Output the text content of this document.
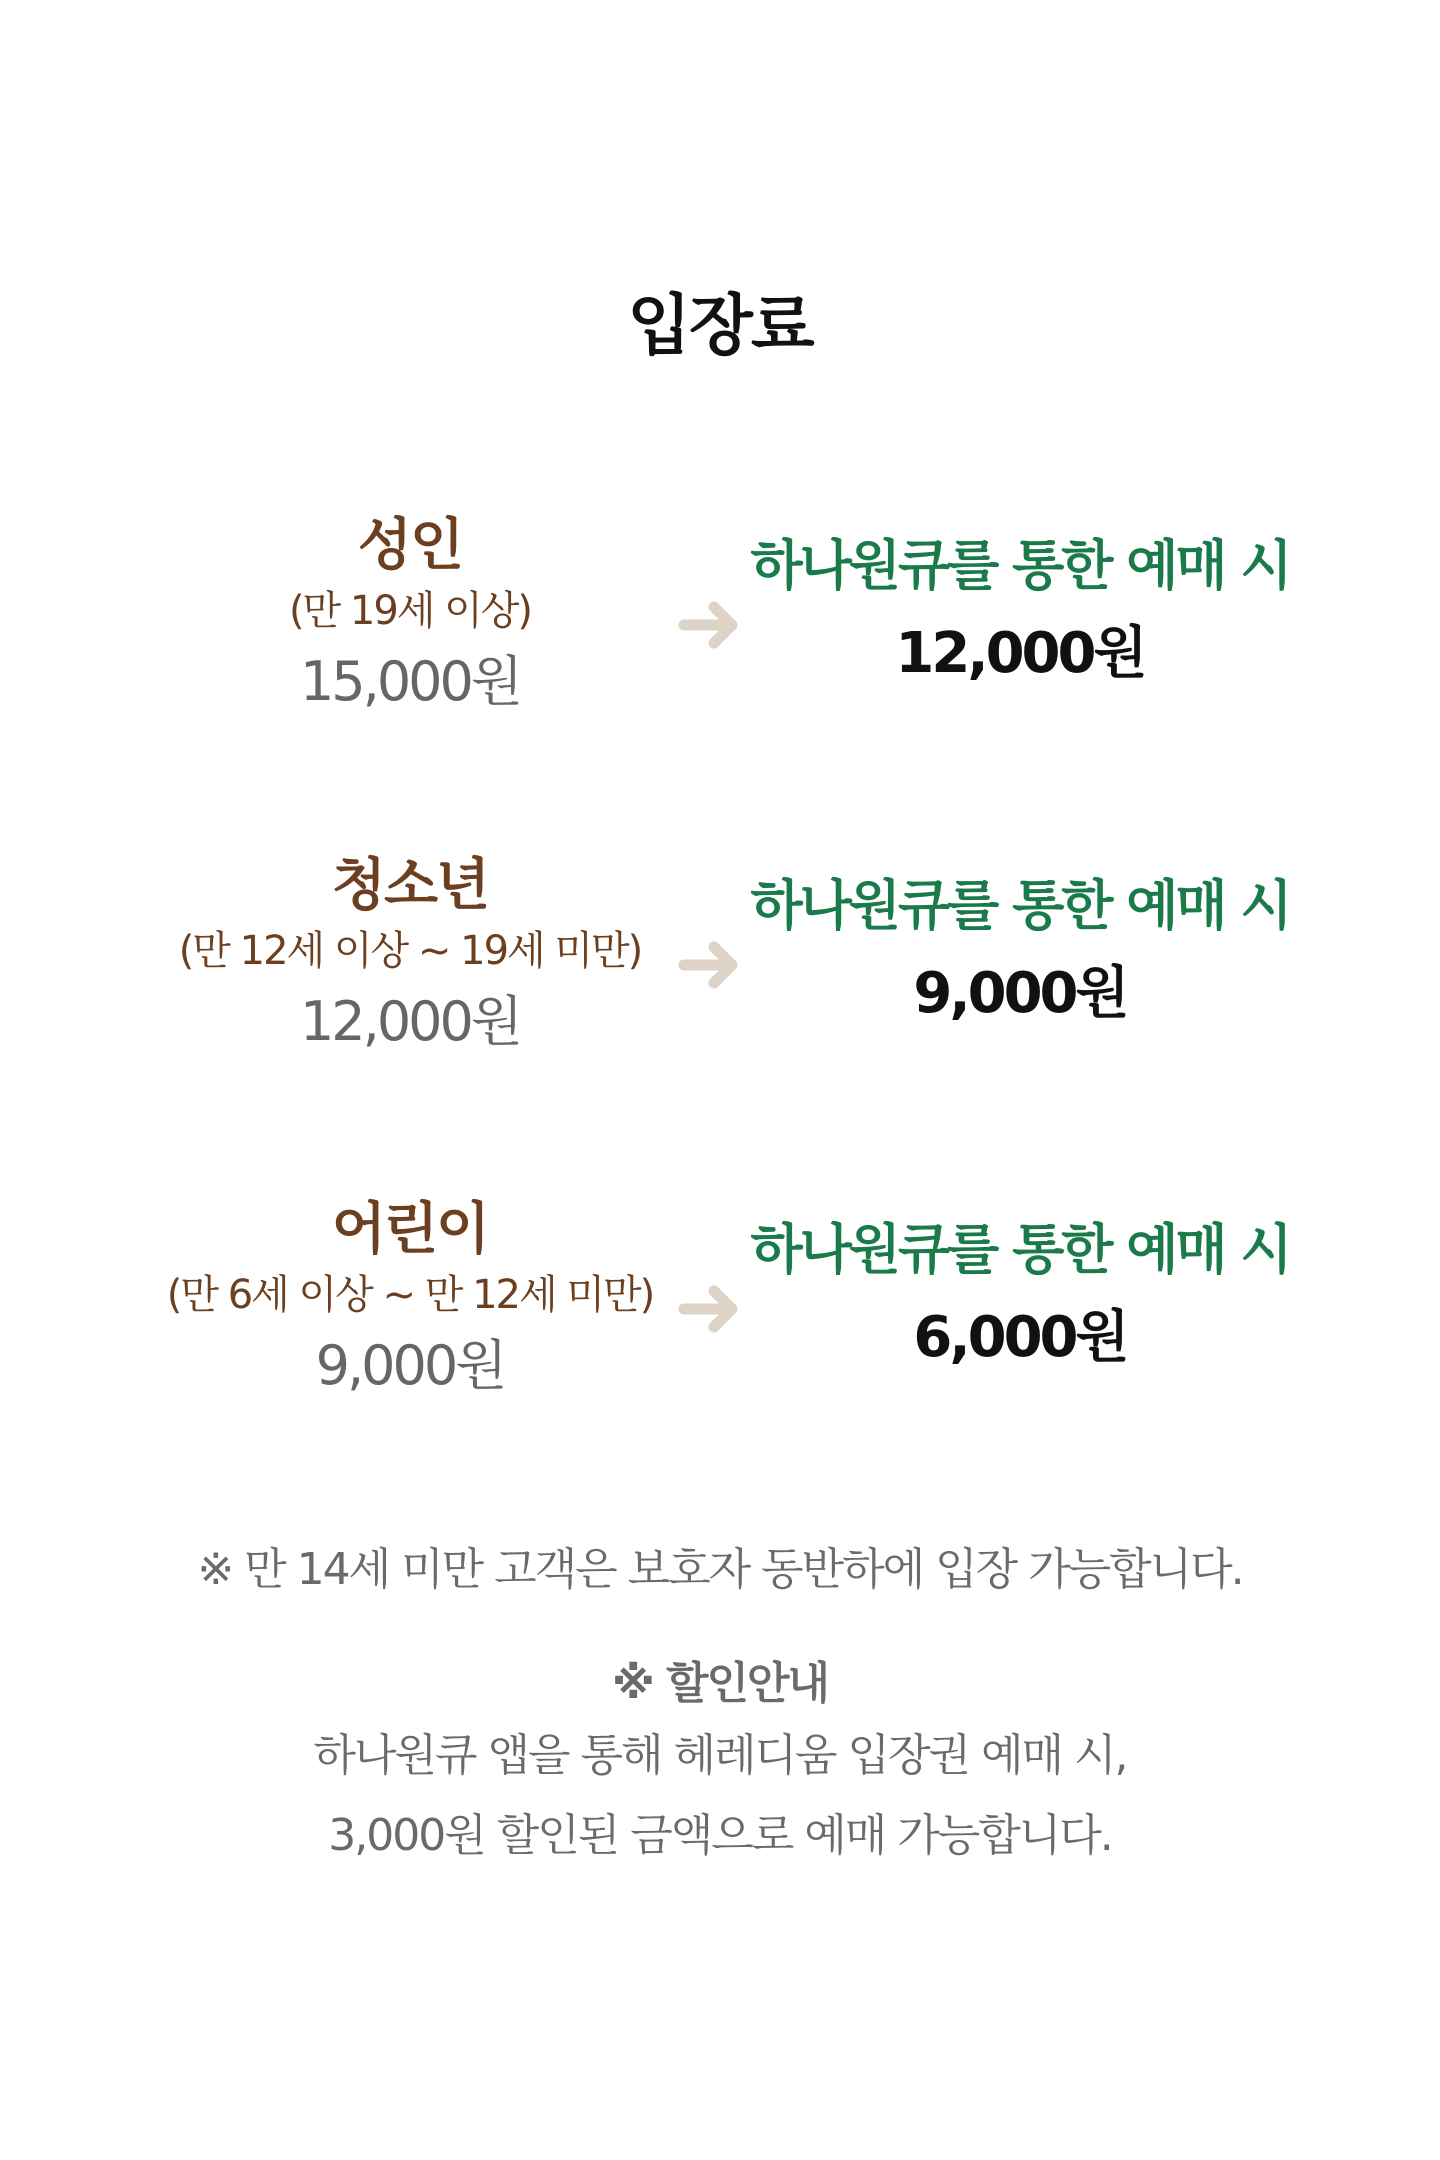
입장료
성인
(만 19세 이상)
15,000원
하나원큐를 통한 예매 시
12,000원
청소년
(만 12세 이상 ~ 19세 미만)
12,000원
하나원큐를 통한 예매 시
9,000원
어린이
(만 6세 이상 ~ 만 12세 미만)
9,000원
하나원큐를 통한 예매 시
6,000원
※ 만 14세 미만 고객은 보호자 동반하에 입장 가능합니다.
※ 할인안내
하나원큐 앱을 통해 헤레디움 입장권 예매 시,
3,000원 할인된 금액으로 예매 가능합니다.
